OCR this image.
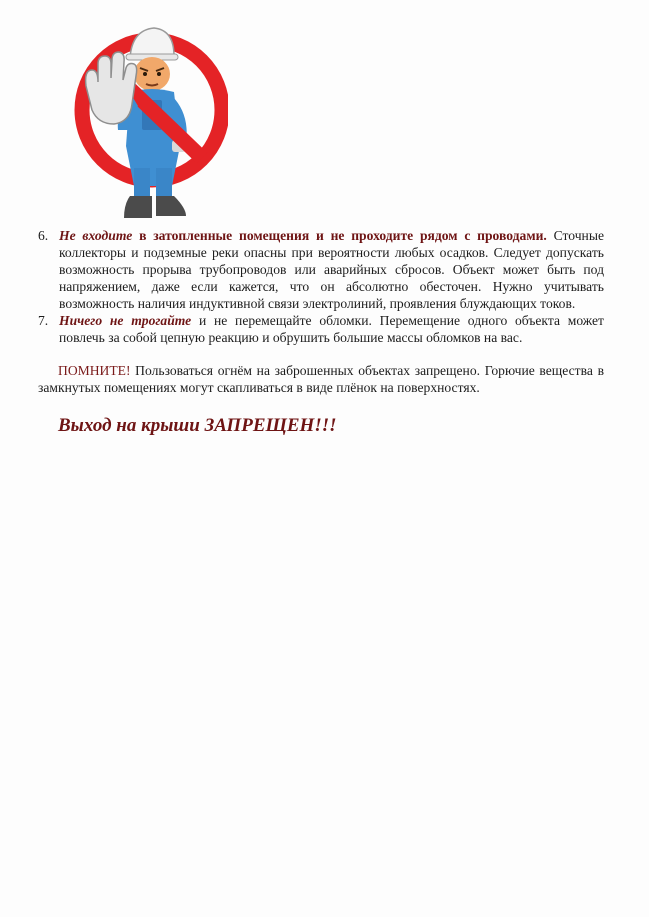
6. Не входите в затопленные помещения и не проходите рядом с проводами. Сточные коллекторы и подземные реки опасны при вероятности любых осадков. Следует допускать возможность прорыва трубопроводов или аварийных сбросов. Объект может быть под напряжением, даже если кажется, что он абсолютно обесточен. Нужно учитывать возможность наличия индуктивной связи электролиний, проявления блуждающих токов.
7. Ничего не трогайте и не перемещайте обломки. Перемещение одного объекта может повлечь за собой цепную реакцию и обрушить большие массы обломков на вас.
ПОМНИТЕ! Пользоваться огнём на заброшенных объектах запрещено. Горючие вещества в замкнутых помещениях могут скапливаться в виде плёнок на поверхностях.
Выход на крыши ЗАПРЕЩЕН!!!
